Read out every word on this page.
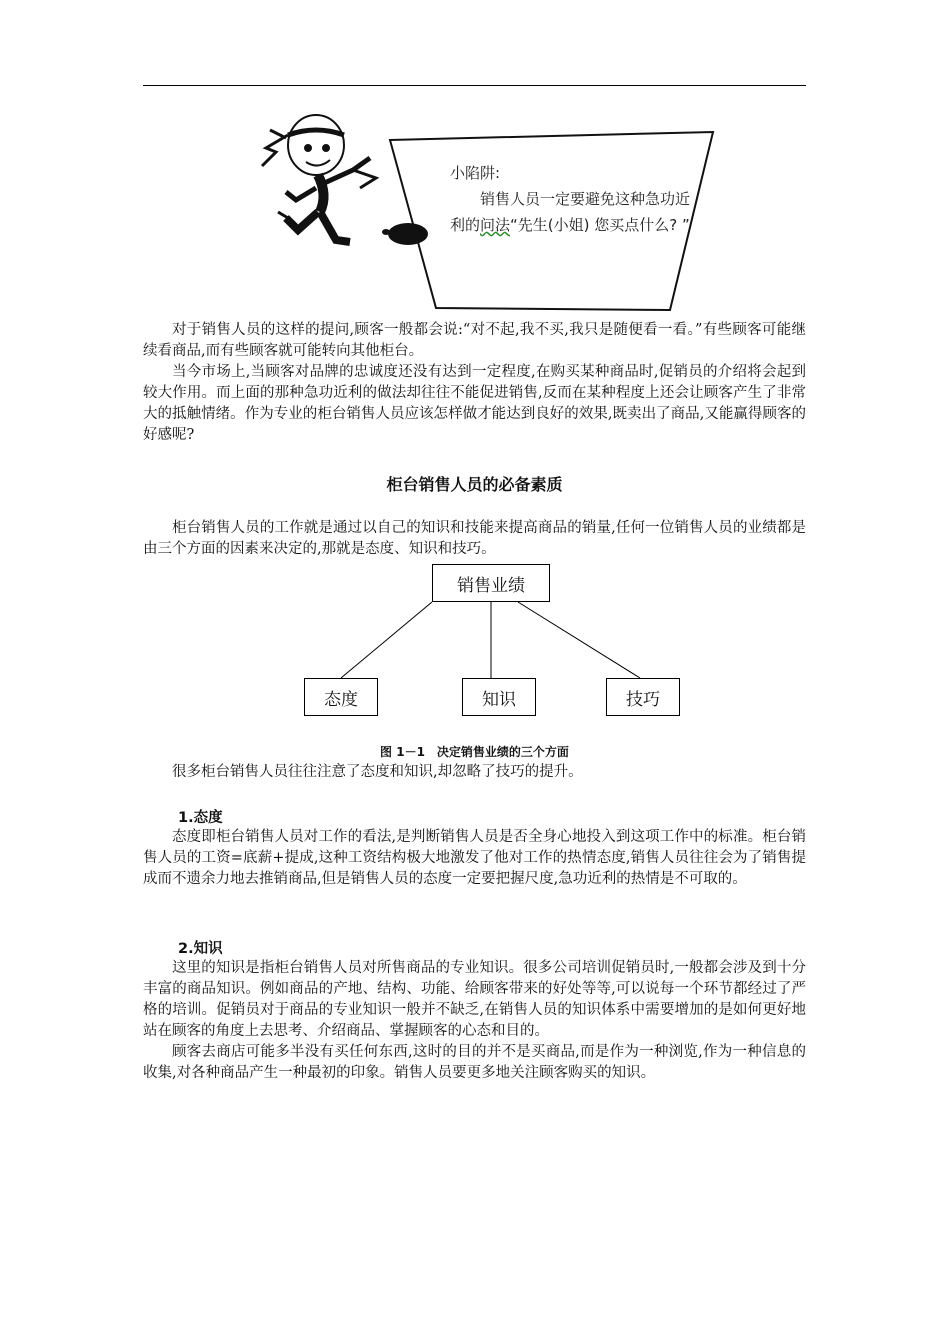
小陷阱:
销售人员一定要避免这种急功近利的问法“先生(小姐) 您买点什么? ”

对于销售人员的这样的提问,顾客一般都会说:“对不起,我不买,我只是随便看一看。”有些顾客可能继续看商品,而有些顾客就可能转向其他柜台。

当今市场上,当顾客对品牌的忠诚度还没有达到一定程度,在购买某种商品时,促销员的介绍将会起到较大作用。而上面的那种急功近利的做法却往往不能促进销售,反而在某种程度上还会让顾客产生了非常大的抵触情绪。作为专业的柜台销售人员应该怎样做才能达到良好的效果,既卖出了商品,又能赢得顾客的好感呢?

柜台销售人员的必备素质

柜台销售人员的工作就是通过以自己的知识和技能来提高商品的销量,任何一位销售人员的业绩都是由三个方面的因素来决定的,那就是态度、知识和技巧。

销售业绩
态度	知识	技巧
图 1－1　决定销售业绩的三个方面

很多柜台销售人员往往注意了态度和知识,却忽略了技巧的提升。

1.态度

态度即柜台销售人员对工作的看法,是判断销售人员是否全身心地投入到这项工作中的标准。柜台销售人员的工资=底薪+提成,这种工资结构极大地激发了他对工作的热情态度,销售人员往往会为了销售提成而不遗余力地去推销商品,但是销售人员的态度一定要把握尺度,急功近利的热情是不可取的。

2.知识

这里的知识是指柜台销售人员对所售商品的专业知识。很多公司培训促销员时,一般都会涉及到十分丰富的商品知识。例如商品的产地、结构、功能、给顾客带来的好处等等,可以说每一个环节都经过了严格的培训。促销员对于商品的专业知识一般并不缺乏,在销售人员的知识体系中需要增加的是如何更好地站在顾客的角度上去思考、介绍商品、掌握顾客的心态和目的。

顾客去商店可能多半没有买任何东西,这时的目的并不是买商品,而是作为一种浏览,作为一种信息的收集,对各种商品产生一种最初的印象。销售人员要更多地关注顾客购买的知识。
